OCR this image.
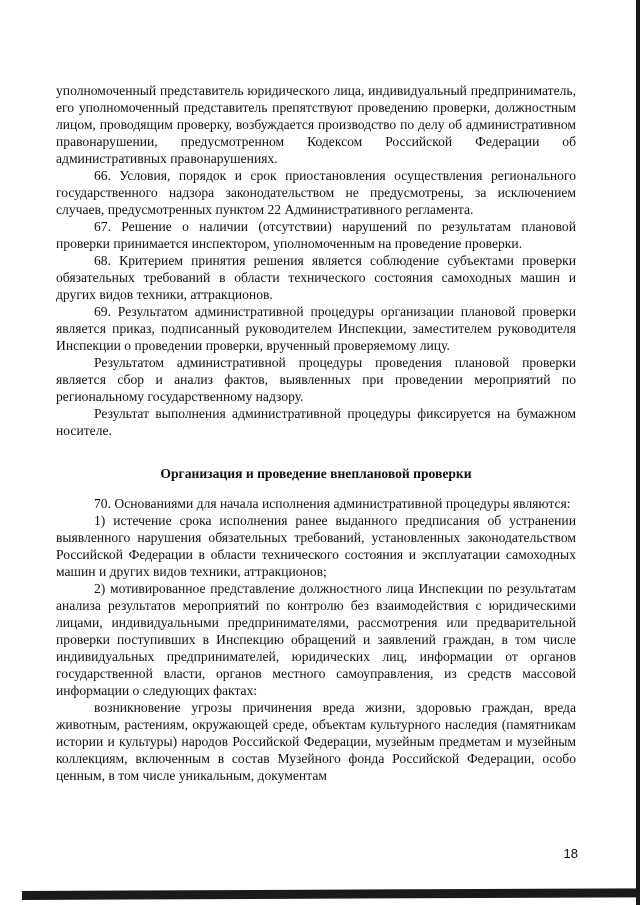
уполномоченный представитель юридического лица, индивидуальный предприниматель, его уполномоченный представитель препятствуют проведению проверки, должностным лицом, проводящим проверку, возбуждается производство по делу об административном правонарушении, предусмотренном Кодексом Российской Федерации об административных правонарушениях.

66. Условия, порядок и срок приостановления осуществления регионального государственного надзора законодательством не предусмотрены, за исключением случаев, предусмотренных пунктом 22 Административного регламента.

67. Решение о наличии (отсутствии) нарушений по результатам плановой проверки принимается инспектором, уполномоченным на проведение проверки.

68. Критерием принятия решения является соблюдение субъектами проверки обязательных требований в области технического состояния самоходных машин и других видов техники, аттракционов.

69. Результатом административной процедуры организации плановой проверки является приказ, подписанный руководителем Инспекции, заместителем руководителя Инспекции о проведении проверки, врученный проверяемому лицу.

Результатом административной процедуры проведения плановой проверки является сбор и анализ фактов, выявленных при проведении мероприятий по региональному государственному надзору.

Результат выполнения административной процедуры фиксируется на бумажном носителе.

Организация и проведение внеплановой проверки

70. Основаниями для начала исполнения административной процедуры являются:

1) истечение срока исполнения ранее выданного предписания об устранении выявленного нарушения обязательных требований, установленных законодательством Российской Федерации в области технического состояния и эксплуатации самоходных машин и других видов техники, аттракционов;

2) мотивированное представление должностного лица Инспекции по результатам анализа результатов мероприятий по контролю без взаимодействия с юридическими лицами, индивидуальными предпринимателями, рассмотрения или предварительной проверки поступивших в Инспекцию обращений и заявлений граждан, в том числе индивидуальных предпринимателей, юридических лиц, информации от органов государственной власти, органов местного самоуправления, из средств массовой информации о следующих фактах:

возникновение угрозы причинения вреда жизни, здоровью граждан, вреда животным, растениям, окружающей среде, объектам культурного наследия (памятникам истории и культуры) народов Российской Федерации, музейным предметам и музейным коллекциям, включенным в состав Музейного фонда Российской Федерации, особо ценным, в том числе уникальным, документам

18
